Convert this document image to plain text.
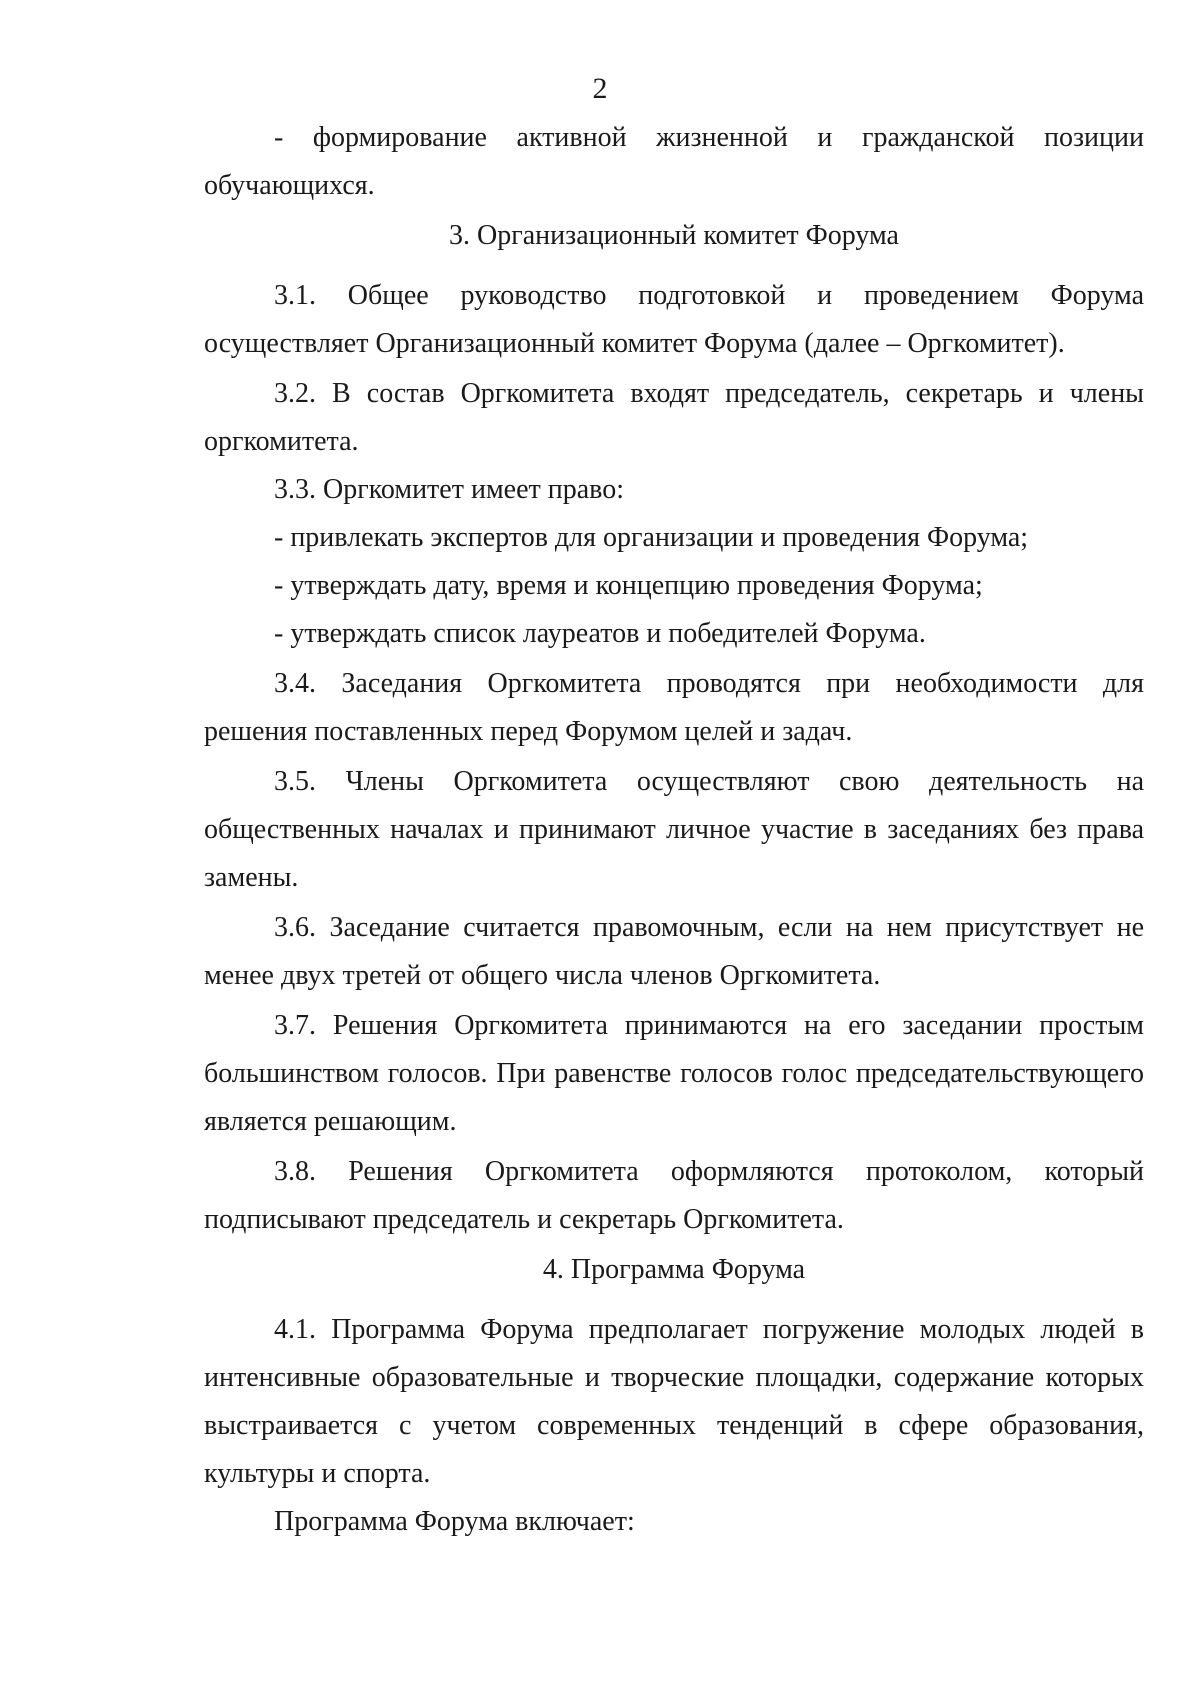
2

- формирование активной жизненной и гражданской позиции обучающихся.

3. Организационный комитет Форума

3.1. Общее руководство подготовкой и проведением Форума осуществляет Организационный комитет Форума (далее – Оргкомитет).

3.2. В состав Оргкомитета входят председатель, секретарь и члены оргкомитета.

3.3. Оргкомитет имеет право:

- привлекать экспертов для организации и проведения Форума;

- утверждать дату, время и концепцию проведения Форума;

- утверждать список лауреатов и победителей Форума.

3.4. Заседания Оргкомитета проводятся при необходимости для решения поставленных перед Форумом целей и задач.

3.5. Члены Оргкомитета осуществляют свою деятельность на общественных началах и принимают личное участие в заседаниях без права замены.

3.6. Заседание считается правомочным, если на нем присутствует не менее двух третей от общего числа членов Оргкомитета.

3.7. Решения Оргкомитета принимаются на его заседании простым большинством голосов. При равенстве голосов голос председательствующего является решающим.

3.8. Решения Оргкомитета оформляются протоколом, который подписывают председатель и секретарь Оргкомитета.

4. Программа Форума

4.1. Программа Форума предполагает погружение молодых людей в интенсивные образовательные и творческие площадки, содержание которых выстраивается с учетом современных тенденций в сфере образования, культуры и спорта.

Программа Форума включает:
